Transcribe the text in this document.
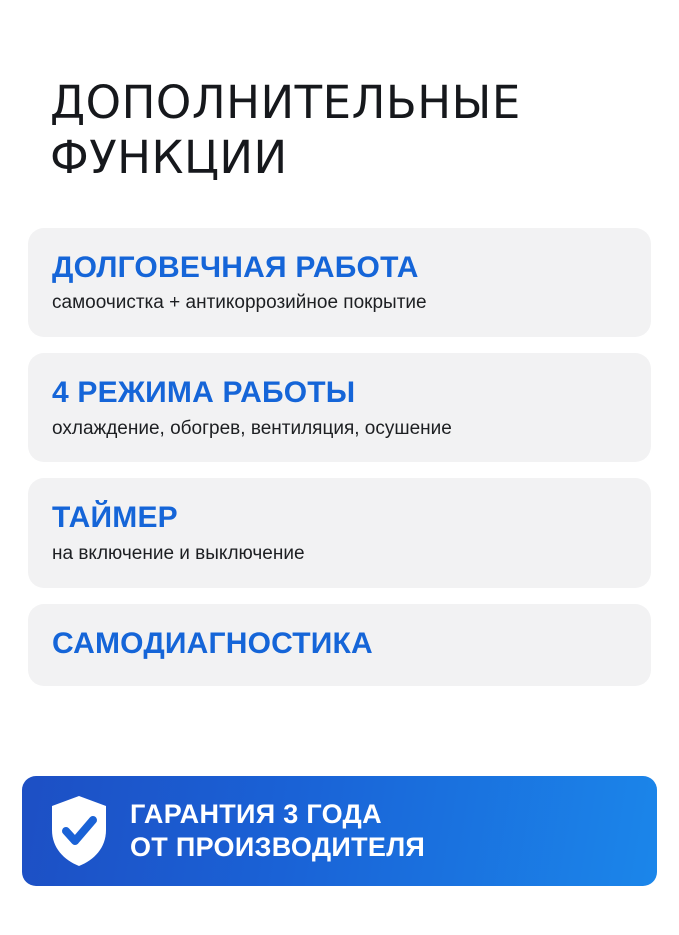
ДОПОЛНИТЕЛЬНЫЕ ФУНКЦИИ
ДОЛГОВЕЧНАЯ РАБОТА
самоочистка + антикоррозийное покрытие
4 РЕЖИМА РАБОТЫ
охлаждение, обогрев, вентиляция, осушение
ТАЙМЕР
на включение и выключение
САМОДИАГНОСТИКА
ГАРАНТИЯ 3 ГОДА
ОТ ПРОИЗВОДИТЕЛЯ
